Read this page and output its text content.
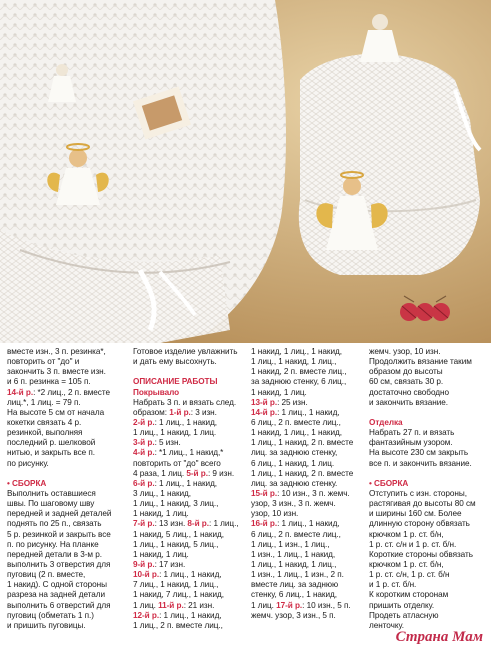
вместе изн., 3 п. резинка*,
повторить от "до" и
закончить 3 п. вместе изн.
и 6 п. резинка = 105 п.
14-й р.: *2 лиц., 2 п. вместе
лиц.*, 1 лиц. = 79 п.
На высоте 5 см от начала
кокетки связать 4 р.
резинкой, выполняя
последний р. шелковой
нитью, и закрыть все п.
по рисунку.
• СБОРКА
Выполнить оставшиеся
швы. По шаговому шву
передней и задней деталей
поднять по 25 п., связать
5 р. резинкой и закрыть все
п. по рисунку. На планке
передней детали в 3-м р.
выполнить 3 отверстия для
пуговиц (2 п. вместе,
1 накид). С одной стороны
разреза на задней детали
выполнить 6 отверстий для
пуговиц (обметать 1 п.)
и пришить пуговицы.
Готовое изделие увлажнить
и дать ему высохнуть.
ОПИСАНИЕ РАБОТЫ
Покрывало
Набрать 3 п. и вязать след.
образом: 1-й р.: 3 изн.
2-й р.: 1 лиц., 1 накид,
1 лиц., 1 накид, 1 лиц.
3-й р.: 5 изн.
4-й р.: *1 лиц., 1 накид,*
повторить от "до" всего
4 раза, 1 лиц. 5-й р.: 9 изн.
6-й р.: 1 лиц., 1 накид,
3 лиц., 1 накид,
1 лиц., 1 накид, 3 лиц.,
1 накид, 1 лиц.
7-й р.: 13 изн. 8-й р.: 1 лиц.,
1 накид, 5 лиц., 1 накид,
1 лиц., 1 накид, 5 лиц.,
1 накид, 1 лиц.
9-й р.: 17 изн.
10-й р.: 1 лиц., 1 накид,
7 лиц., 1 накид, 1 лиц.,
1 накид, 7 лиц., 1 накид,
1 лиц. 11-й р.: 21 изн.
12-й р.: 1 лиц., 1 накид,
1 лиц., 2 п. вместе лиц.,
1 накид, 1 лиц., 1 накид,
1 лиц., 1 накид, 1 лиц.,
1 накид, 2 п. вместе лиц.,
за заднюю стенку, 6 лиц.,
1 накид, 1 лиц.
13-й р.: 25 изн.
14-й р.: 1 лиц., 1 накид,
6 лиц., 2 п. вместе лиц.,
1 накид, 1 лиц., 1 накид,
1 лиц., 1 накид, 2 п. вместе
лиц. за заднюю стенку,
6 лиц., 1 накид, 1 лиц.
1 лиц., 1 накид, 2 п. вместе
лиц. за заднюю стенку.
15-й р.: 10 изн., 3 п. жемч.
узор, 3 изн., 3 п. жемч.
узор, 10 изн.
16-й р.: 1 лиц., 1 накид,
6 лиц., 2 п. вместе лиц.,
1 лиц., 1 изн., 1 лиц.,
1 изн., 1 лиц., 1 накид,
1 лиц., 1 накид, 1 лиц.,
1 изн., 1 лиц., 1 изн., 2 п.
вместе лиц. за заднюю
стенку, 6 лиц., 1 накид,
1 лиц. 17-й р.: 10 изн., 5 п.
жемч. узор, 3 изн., 5 п.
жемч. узор, 10 изн.
Продолжить вязание таким
образом до высоты
60 см, связать 30 р.
достаточно свободно
и закончить вязание.
Отделка
Набрать 27 п. и вязать
фантазийным узором.
На высоте 230 см закрыть
все п. и закончить вязание.
• СБОРКА
Отступить с изн. стороны,
растягивая до высоты 80 см
и ширины 160 см. Более
длинную сторону обвязать
крючком 1 р. ст. б/н,
1 р. ст. с/н и 1 р. ст. б/н.
Короткие стороны обвязать
крючком 1 р. ст. б/н,
1 р. ст. с/н, 1 р. ст. б/н
и 1 р. ст. б/н.
К коротким сторонам
пришить отделку.
Продеть атласную
ленточку.
Страна Мам
